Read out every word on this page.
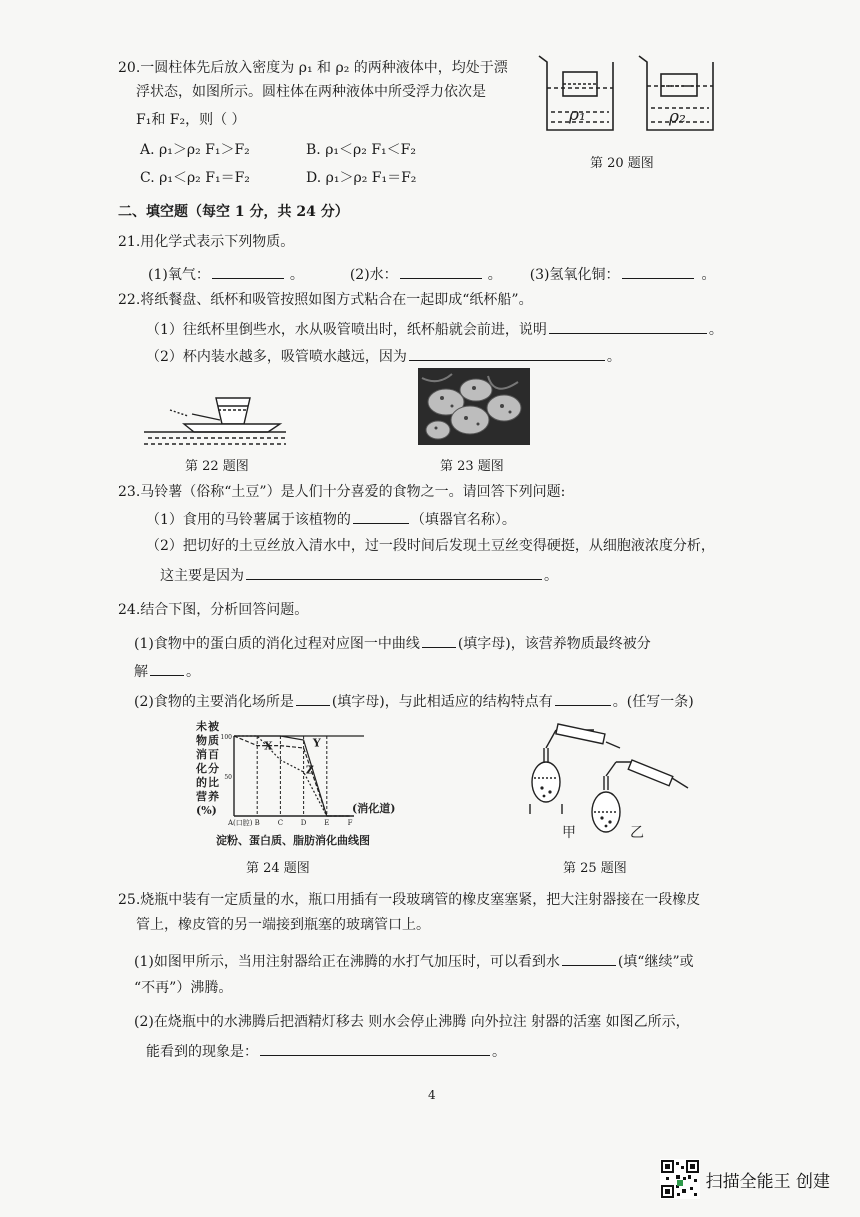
20.一圆柱体先后放入密度为 ρ₁ 和 ρ₂ 的两种液体中，均处于漂
浮状态，如图所示。圆柱体在两种液体中所受浮力依次是
F₁和 F₂，则（ ）
A. ρ₁＞ρ₂ F₁＞F₂	B. ρ₁＜ρ₂ F₁＜F₂
C. ρ₁＜ρ₂ F₁＝F₂	D. ρ₁＞ρ₂ F₁＝F₂
ρ₁	ρ₂
第 20 题图
二、填空题（每空 1 分，共 24 分）
21.用化学式表示下列物质。
(1)氧气：	。	(2)水：	。 (3)氢氧化铜：	。
22.将纸餐盘、纸杯和吸管按照如图方式粘合在一起即成“纸杯船”。
（1）往纸杯里倒些水，水从吸管喷出时，纸杯船就会前进，说明	。
（2）杯内装水越多，吸管喷水越远，因为	。
第 22 题图	第 23 题图
23.马铃薯（俗称“土豆”）是人们十分喜爱的食物之一。请回答下列问题:
（1）食用的马铃薯属于该植物的	（填器官名称）。
（2）把切好的土豆丝放入清水中，过一段时间后发现土豆丝变得硬挺，从细胞液浓度分析，
这主要是因为	。
24.结合下图，分析回答问题。
(1)食物中的蛋白质的消化过程对应图一中曲线	(填字母)，该营养物质最终被分
解	。
(2)食物的主要消化场所是	(填字母)，与此相适应的结构特点有	。(任写一条)
未 被
物 质
消 百
化 分
的 比
营 养
(%)
100
50
A(口腔) B	C	D	E	F
(消化道)
X	Y
Z
淀粉、蛋白质、脂肪消化曲线图
第 24 题图
甲	乙
第 25 题图
25.烧瓶中装有一定质量的水，瓶口用插有一段玻璃管的橡皮塞塞紧，把大注射器接在一段橡皮
管上，橡皮管的另一端接到瓶塞的玻璃管口上。
(1)如图甲所示，当用注射器给正在沸腾的水打气加压时，可以看到水	(填“继续”或
“不再”）沸腾。
(2)在烧瓶中的水沸腾后把酒精灯移去 则水会停止沸腾 向外拉注 射器的活塞 如图乙所示，
能看到的现象是：	。
4
扫描全能王 创建
